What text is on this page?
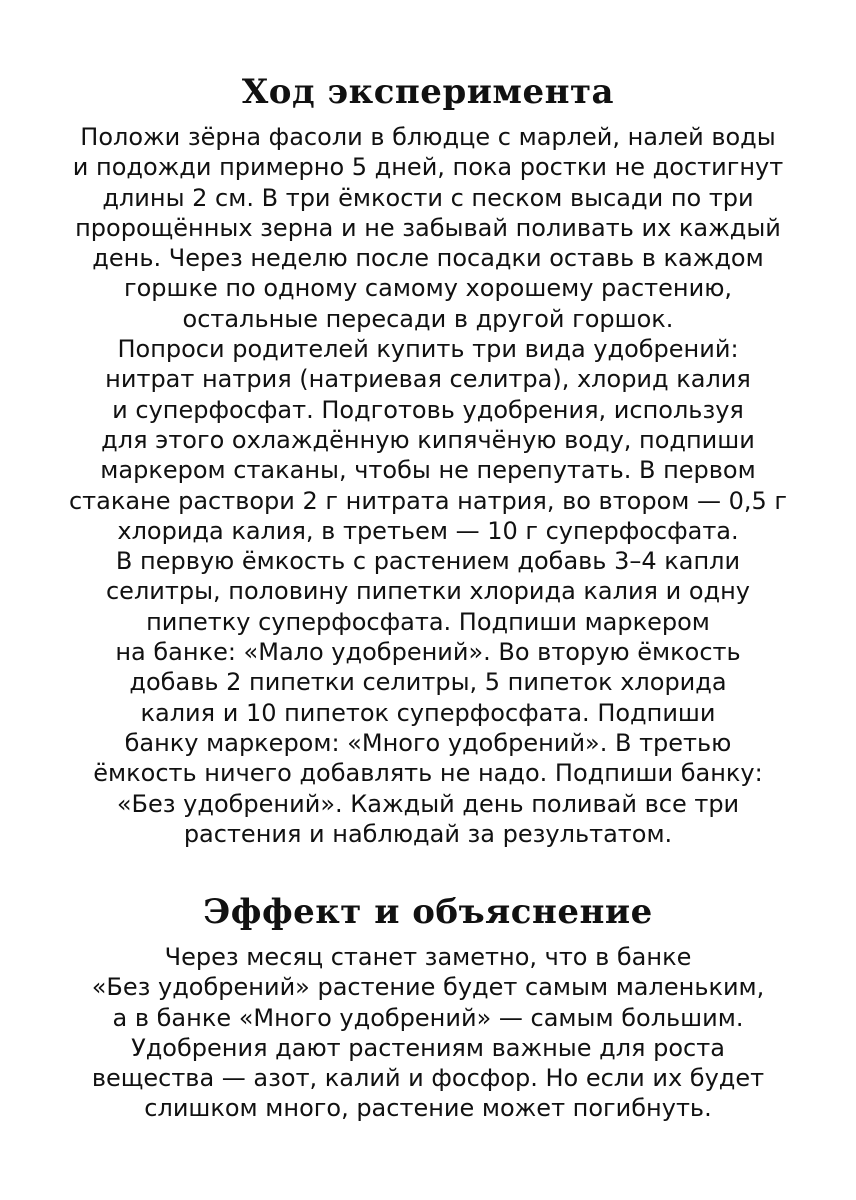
Ход эксперимента

Положи зёрна фасоли в блюдце с марлей, налей воды
и подожди примерно 5 дней, пока ростки не достигнут
длины 2 см. В три ёмкости с песком высади по три
пророщённых зерна и не забывай поливать их каждый
день. Через неделю после посадки оставь в каждом
горшке по одному самому хорошему растению,
остальные пересади в другой горшок.
Попроси родителей купить три вида удобрений:
нитрат натрия (натриевая селитра), хлорид калия
и суперфосфат. Подготовь удобрения, используя
для этого охлаждённую кипячёную воду, подпиши
маркером стаканы, чтобы не перепутать. В первом
стакане раствори 2 г нитрата натрия, во втором — 0,5 г
хлорида калия, в третьем — 10 г суперфосфата.
В первую ёмкость с растением добавь 3–4 капли
селитры, половину пипетки хлорида калия и одну
пипетку суперфосфата. Подпиши маркером
на банке: «Мало удобрений». Во вторую ёмкость
добавь 2 пипетки селитры, 5 пипеток хлорида
калия и 10 пипеток суперфосфата. Подпиши
банку маркером: «Много удобрений». В третью
ёмкость ничего добавлять не надо. Подпиши банку:
«Без удобрений». Каждый день поливай все три
растения и наблюдай за результатом.

Эффект и объяснение

Через месяц станет заметно, что в банке
«Без удобрений» растение будет самым маленьким,
а в банке «Много удобрений» — самым большим.
Удобрения дают растениям важные для роста
вещества — азот, калий и фосфор. Но если их будет
слишком много, растение может погибнуть.
